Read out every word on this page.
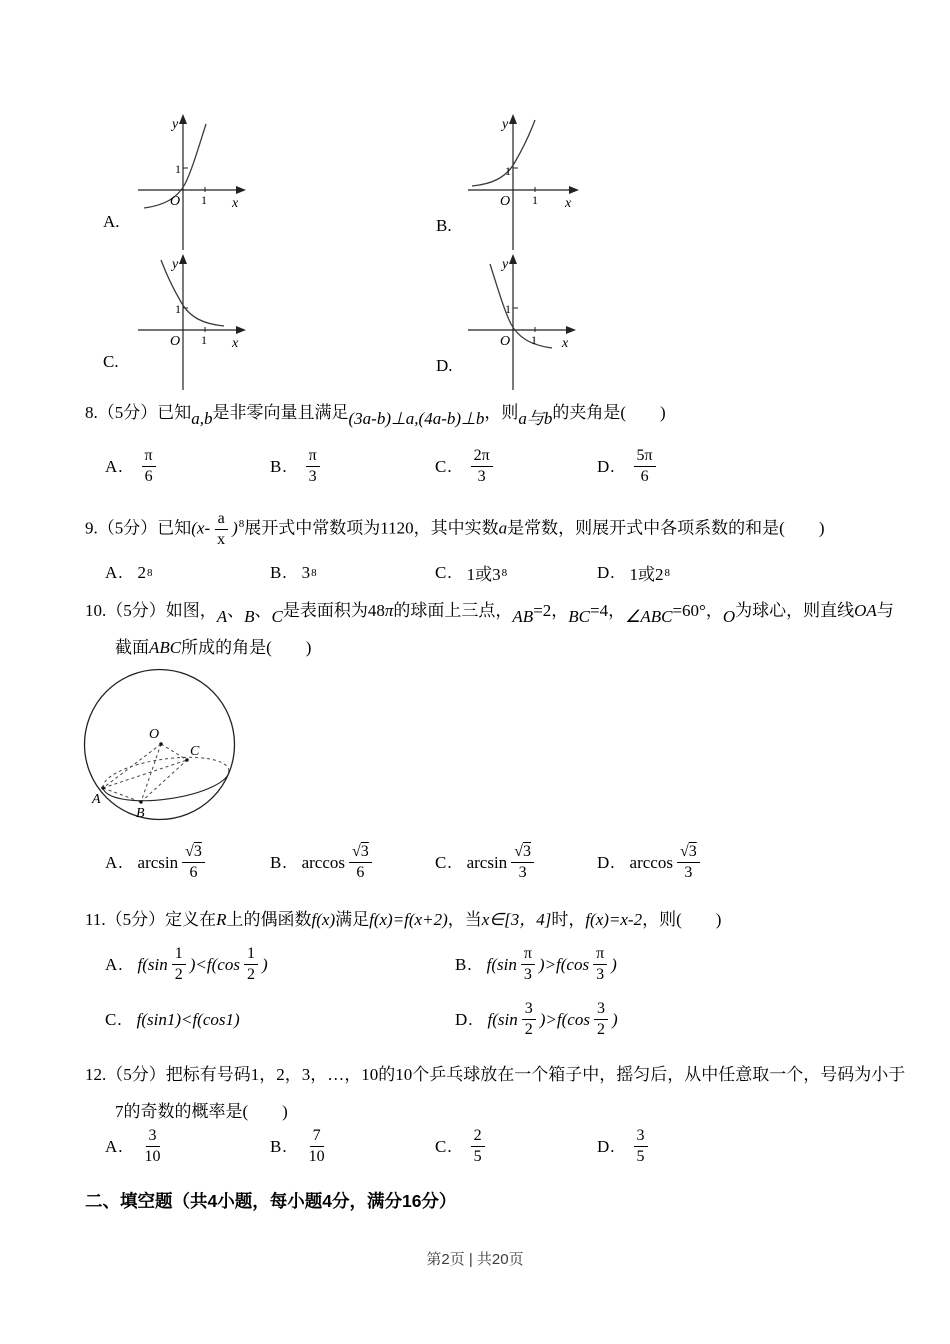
y
x
O
1
1
A.
y
x
O
1
1
B.
y
x
O
1
1
C.
y
x
O
1
1
D.

8.（5分）已知a,b是非零向量且满足(3a-b)⊥a,(4a-b)⊥b，则a与b的夹角是(　　)

A. $\frac{\pi}{6}$	B. $\frac{\pi}{3}$	C. $\frac{2\pi}{3}$	D. $\frac{5\pi}{6}$

9.（5分）已知$(x- \frac{a}{x} )^8$展开式中常数项为1120，其中实数a是常数，则展开式中各项系数的和是(　　)

A. 2 8	B. 3 8	C. 1或3 8	D. 1或2 8

10.（5分）如图，A、B、C是表面积为48π的球面上三点，AB=2，BC=4，∠ABC=60°，O为球心，则直线OA与截面ABC所成的角是(　　)

O
A
B
C
A. $\arcsin \frac{√3}{6}$	B. $\arccos \frac{√3}{6}$	C. $\arcsin \frac{√3}{3}$	D. $\arccos \frac{√3}{3}$

11.（5分）定义在R上的偶函数f(x)满足f(x)=f(x+2)，当x∈[3，4]时，f(x)=x-2，则(　　)

A. $f(\sin \frac{1}{2} )<f(\cos \frac{1}{2}$ )	B. $f(\sin \frac{\pi}{3} )>f(\cos \frac{\pi}{3}$ )
C. f(sin1)<f(cos1)	D. $f(\sin \frac{3}{2} )>f(\cos \frac{3}{2}$ )

12.（5分）把标有号码1，2，3，…，10的10个乒乓球放在一个箱子中，摇匀后，从中任意取一个，号码为小于7的奇数的概率是(　　)

A. $\frac{3}{10}$	B. $\frac{7}{10}$	C. $\frac{2}{5}$	D. $\frac{3}{5}$
二、填空题（共4小题，每小题4分，满分16分）
第2页 | 共20页
